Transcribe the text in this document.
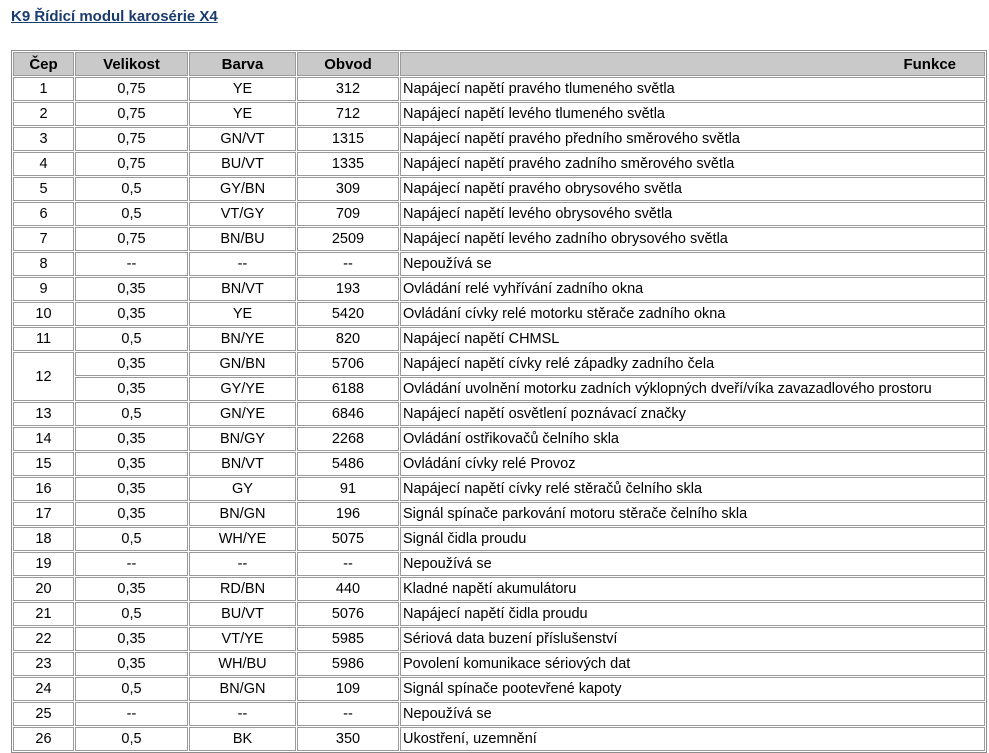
K9 Řídicí modul karosérie X4
Čep	Velikost	Barva	Obvod	Funkce
1	0,75	YE	312	Napájecí napětí pravého tlumeného světla
2	0,75	YE	712	Napájecí napětí levého tlumeného světla
3	0,75	GN/VT	1315	Napájecí napětí pravého předního směrového světla
4	0,75	BU/VT	1335	Napájecí napětí pravého zadního směrového světla
5	0,5	GY/BN	309	Napájecí napětí pravého obrysového světla
6	0,5	VT/GY	709	Napájecí napětí levého obrysového světla
7	0,75	BN/BU	2509	Napájecí napětí levého zadního obrysového světla
8	--	--	--	Nepoužívá se
9	0,35	BN/VT	193	Ovládání relé vyhřívání zadního okna
10	0,35	YE	5420	Ovládání cívky relé motorku stěrače zadního okna
11	0,5	BN/YE	820	Napájecí napětí CHMSL
12	0,35	GN/BN	5706	Napájecí napětí cívky relé západky zadního čela
	0,35	GY/YE	6188	Ovládání uvolnění motorku zadních výklopných dveří/víka zavazadlového prostoru
13	0,5	GN/YE	6846	Napájecí napětí osvětlení poznávací značky
14	0,35	BN/GY	2268	Ovládání ostřikovačů čelního skla
15	0,35	BN/VT	5486	Ovládání cívky relé Provoz
16	0,35	GY	91	Napájecí napětí cívky relé stěračů čelního skla
17	0,35	BN/GN	196	Signál spínače parkování motoru stěrače čelního skla
18	0,5	WH/YE	5075	Signál čidla proudu
19	--	--	--	Nepoužívá se
20	0,35	RD/BN	440	Kladné napětí akumulátoru
21	0,5	BU/VT	5076	Napájecí napětí čidla proudu
22	0,35	VT/YE	5985	Sériová data buzení příslušenství
23	0,35	WH/BU	5986	Povolení komunikace sériových dat
24	0,5	BN/GN	109	Signál spínače pootevřené kapoty
25	--	--	--	Nepoužívá se
26	0,5	BK	350	Ukostření, uzemnění
